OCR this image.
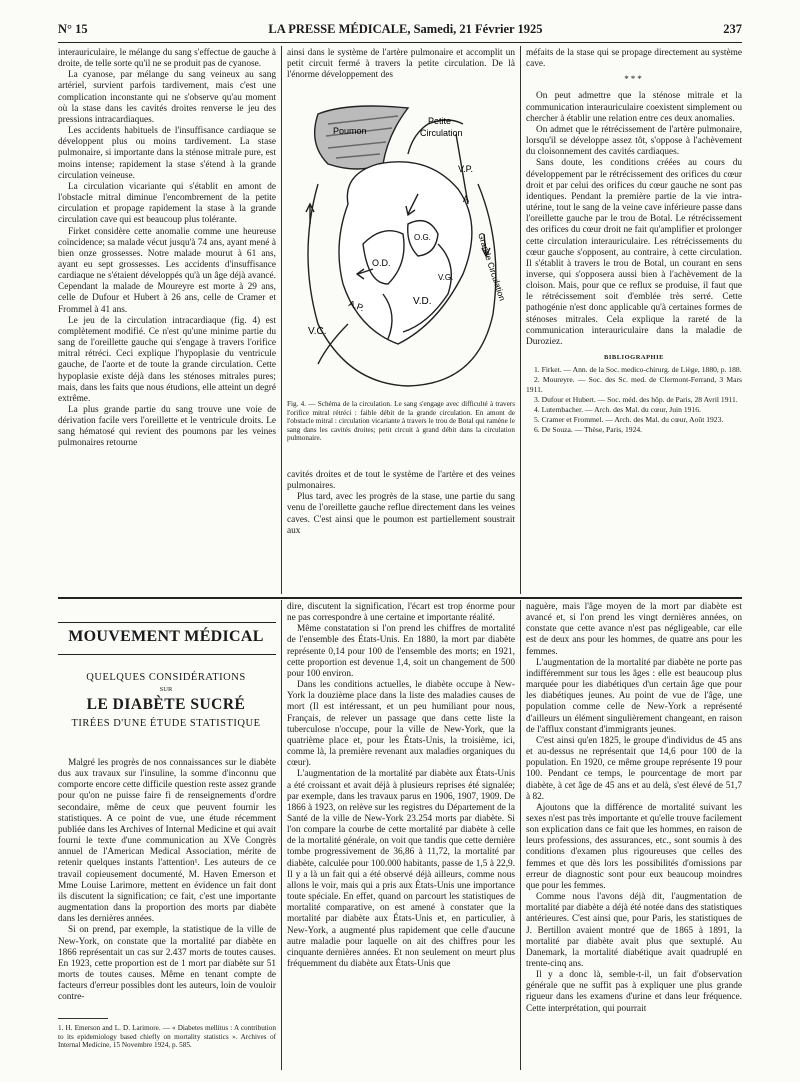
N° 15	LA PRESSE MÉDICALE, Samedi, 21 Février 1925	237

interauriculaire, le mélange du sang s'effectue de gauche à droite, de telle sorte qu'il ne se produit pas de cyanose.

La cyanose, par mélange du sang veineux au sang artériel, survient parfois tardivement, mais c'est une complication inconstante qui ne s'observe qu'au moment où la stase dans les cavités droites renverse le jeu des pressions intracardiaques.

Les accidents habituels de l'insuffisance cardiaque se développent plus ou moins tardivement. La stase pulmonaire, si importante dans la sténose mitrale pure, est moins intense; rapidement la stase s'étend à la grande circulation veineuse.

La circulation vicariante qui s'établit en amont de l'obstacle mitral diminue l'encombrement de la petite circulation et propage rapidement la stase à la grande circulation cave qui est beaucoup plus tolérante.

Firket considère cette anomalie comme une heureuse coïncidence; sa malade vécut jusqu'à 74 ans, ayant mené à bien onze grossesses. Notre malade mourut à 61 ans, ayant eu sept grossesses. Les accidents d'insuffisance cardiaque ne s'étaient développés qu'à un âge déjà avancé. Cependant la malade de Moureyre est morte à 29 ans, celle de Dufour et Hubert à 26 ans, celle de Cramer et Frommel à 41 ans.

Le jeu de la circulation intracardiaque (fig. 4) est complètement modifié. Ce n'est qu'une minime partie du sang de l'oreillette gauche qui s'engage à travers l'orifice mitral rétréci. Ceci explique l'hypoplasie du ventricule gauche, de l'aorte et de toute la grande circulation. Cette hypoplasie existe déjà dans les sténoses mitrales pures; mais, dans les faits que nous étudions, elle atteint un degré extrême.

La plus grande partie du sang trouve une voie de dérivation facile vers l'oreillette et le ventricule droits. Le sang hématosé qui revient des poumons par les veines pulmonaires retourne

ainsi dans le système de l'artère pulmonaire et accomplit un petit circuit fermé à travers la petite circulation. De là l'énorme développement des

Poumon
Petite
Circulation
V.P.
O.G.
O.D.
V.G.
V.D.
A.P.
V.C.
A
Grande Circulation
Fig. 4. — Schéma de la circulation. Le sang s'engage avec difficulté à travers l'orifice mitral rétréci : faible débit de la grande circulation. En amont de l'obstacle mitral : circulation vicariante à travers le trou de Botal qui ramène le sang dans les cavités droites; petit circuit à grand débit dans la circulation pulmonaire.

cavités droites et de tout le système de l'artère et des veines pulmonaires.

Plus tard, avec les progrès de la stase, une partie du sang venu de l'oreillette gauche reflue directement dans les veines caves. C'est ainsi que le poumon est partiellement soustrait aux

méfaits de la stase qui se propage directement au système cave.

***

On peut admettre que la sténose mitrale et la communication interauriculaire coexistent simplement ou chercher à établir une relation entre ces deux anomalies.

On admet que le rétrécissement de l'artère pulmonaire, lorsqu'il se développe assez tôt, s'oppose à l'achèvement du cloisonnement des cavités cardiaques.

Sans doute, les conditions créées au cours du développement par le rétrécissement des orifices du cœur droit et par celui des orifices du cœur gauche ne sont pas identiques. Pendant la première partie de la vie intra-utérine, tout le sang de la veine cave inférieure passe dans l'oreillette gauche par le trou de Botal. Le rétrécissement des orifices du cœur droit ne fait qu'amplifier et prolonger cette circulation interauriculaire. Les rétrécissements du cœur gauche s'opposent, au contraire, à cette circulation. Il s'établit à travers le trou de Botal, un courant en sens inverse, qui s'opposera aussi bien à l'achèvement de la cloison. Mais, pour que ce reflux se produise, il faut que le rétrécissement soit d'emblée très serré. Cette pathogénie n'est donc applicable qu'à certaines formes de sténoses mitrales. Cela explique la rareté de la communication interauriculaire dans la maladie de Duroziez.

BIBLIOGRAPHIE
1. Firket. — Ann. de la Soc. medico-chirurg. de Liège, 1880, p. 188.
2. Moureyre. — Soc. des Sc. med. de Clermont-Ferrand, 3 Mars 1911.
3. Dufour et Hubert. — Soc. méd. des hôp. de Paris, 28 Avril 1911.
4. Lutembacher. — Arch. des Mal. du cœur, Juin 1916.
5. Cramer et Frommel. — Arch. des Mal. du cœur, Août 1923.
6. De Souza. — Thèse, Paris, 1924.
MOUVEMENT MÉDICAL
QUELQUES CONSIDÉRATIONS
SUR
LE DIABÈTE SUCRÉ
TIRÉES D'UNE ÉTUDE STATISTIQUE

Malgré les progrès de nos connaissances sur le diabète dus aux travaux sur l'insuline, la somme d'inconnu que comporte encore cette difficile question reste assez grande pour qu'on ne puisse faire fi de renseignements d'ordre secondaire, même de ceux que peuvent fournir les statistiques. A ce point de vue, une étude récemment publiée dans les Archives of Internal Medicine et qui avait fourni le texte d'une communication au XVe Congrès annuel de l'American Medical Association, mérite de retenir quelques instants l'attention¹. Les auteurs de ce travail copieusement documenté, M. Haven Emerson et Mme Louise Larimore, mettent en évidence un fait dont ils discutent la signification; ce fait, c'est une importante augmentation dans la proportion des morts par diabète dans les dernières années.

Si on prend, par exemple, la statistique de la ville de New-York, on constate que la mortalité par diabète en 1866 représentait un cas sur 2.437 morts de toutes causes. En 1923, cette proportion est de 1 mort par diabète sur 51 morts de toutes causes. Même en tenant compte de facteurs d'erreur possibles dont les auteurs, loin de vouloir contre-

1. H. Emerson and L. D. Larimore. — « Diabetes mellitus : A contribution to its epidemiology based chiefly on mortality statistics ». Archives of Internal Medicine, 15 Novembre 1924, p. 585.

dire, discutent la signification, l'écart est trop énorme pour ne pas correspondre à une certaine et importante réalité.

Même constatation si l'on prend les chiffres de mortalité de l'ensemble des États-Unis. En 1880, la mort par diabète représente 0,14 pour 100 de l'ensemble des morts; en 1921, cette proportion est devenue 1,4, soit un changement de 500 pour 100 environ.

Dans les conditions actuelles, le diabète occupe à New-York la douzième place dans la liste des maladies causes de mort (Il est intéressant, et un peu humiliant pour nous, Français, de relever un passage que dans cette liste la tuberculose n'occupe, pour la ville de New-York, que la quatrième place et, pour les États-Unis, la troisième, ici, comme là, la première revenant aux maladies organiques du cœur).

L'augmentation de la mortalité par diabète aux États-Unis a été croissant et avait déjà à plusieurs reprises été signalée; par exemple, dans les travaux parus en 1906, 1907, 1909. De 1866 à 1923, on relève sur les registres du Département de la Santé de la ville de New-York 23.254 morts par diabète. Si l'on compare la courbe de cette mortalité par diabète à celle de la mortalité générale, on voit que tandis que cette dernière tombe progressivement de 36,86 à 11,72, la mortalité par diabète, calculée pour 100.000 habitants, passe de 1,5 à 22,9. Il y a là un fait qui a été observé déjà ailleurs, comme nous allons le voir, mais qui a pris aux États-Unis une importance toute spéciale. En effet, quand on parcourt les statistiques de mortalité comparative, on est amené à constater que la mortalité par diabète aux États-Unis et, en particulier, à New-York, a augmenté plus rapidement que celle d'aucune autre maladie pour laquelle on ait des chiffres pour les cinquante dernières années. Et non seulement on meurt plus fréquemment du diabète aux États-Unis que

naguère, mais l'âge moyen de la mort par diabète est avancé et, si l'on prend les vingt dernières années, on constate que cette avance n'est pas négligeable, car elle est de deux ans pour les hommes, de quatre ans pour les femmes.

L'augmentation de la mortalité par diabète ne porte pas indifféremment sur tous les âges : elle est beaucoup plus marquée pour les diabétiques d'un certain âge que pour les diabétiques jeunes. Au point de vue de l'âge, une population comme celle de New-York a représenté d'ailleurs un élément singulièrement changeant, en raison de l'afflux constant d'immigrants jeunes.

C'est ainsi qu'en 1825, le groupe d'individus de 45 ans et au-dessus ne représentait que 14,6 pour 100 de la population. En 1920, ce même groupe représente 19 pour 100. Pendant ce temps, le pourcentage de mort par diabète, à cet âge de 45 ans et au delà, s'est élevé de 51,7 à 82.

Ajoutons que la différence de mortalité suivant les sexes n'est pas très importante et qu'elle trouve facilement son explication dans ce fait que les hommes, en raison de leurs professions, des assurances, etc., sont soumis à des conditions d'examen plus rigoureuses que celles des femmes et que dès lors les possibilités d'omissions par erreur de diagnostic sont pour eux beaucoup moindres que pour les femmes.

Comme nous l'avons déjà dit, l'augmentation de mortalité par diabète a déjà été notée dans des statistiques antérieures. C'est ainsi que, pour Paris, les statistiques de J. Bertillon avaient montré que de 1865 à 1891, la mortalité par diabète avait plus que sextuplé. Au Danemark, la mortalité diabétique avait quadruplé en trente-cinq ans.

Il y a donc là, semble-t-il, un fait d'observation générale que ne suffit pas à expliquer une plus grande rigueur dans les examens d'urine et dans leur fréquence. Cette interprétation, qui pourrait
